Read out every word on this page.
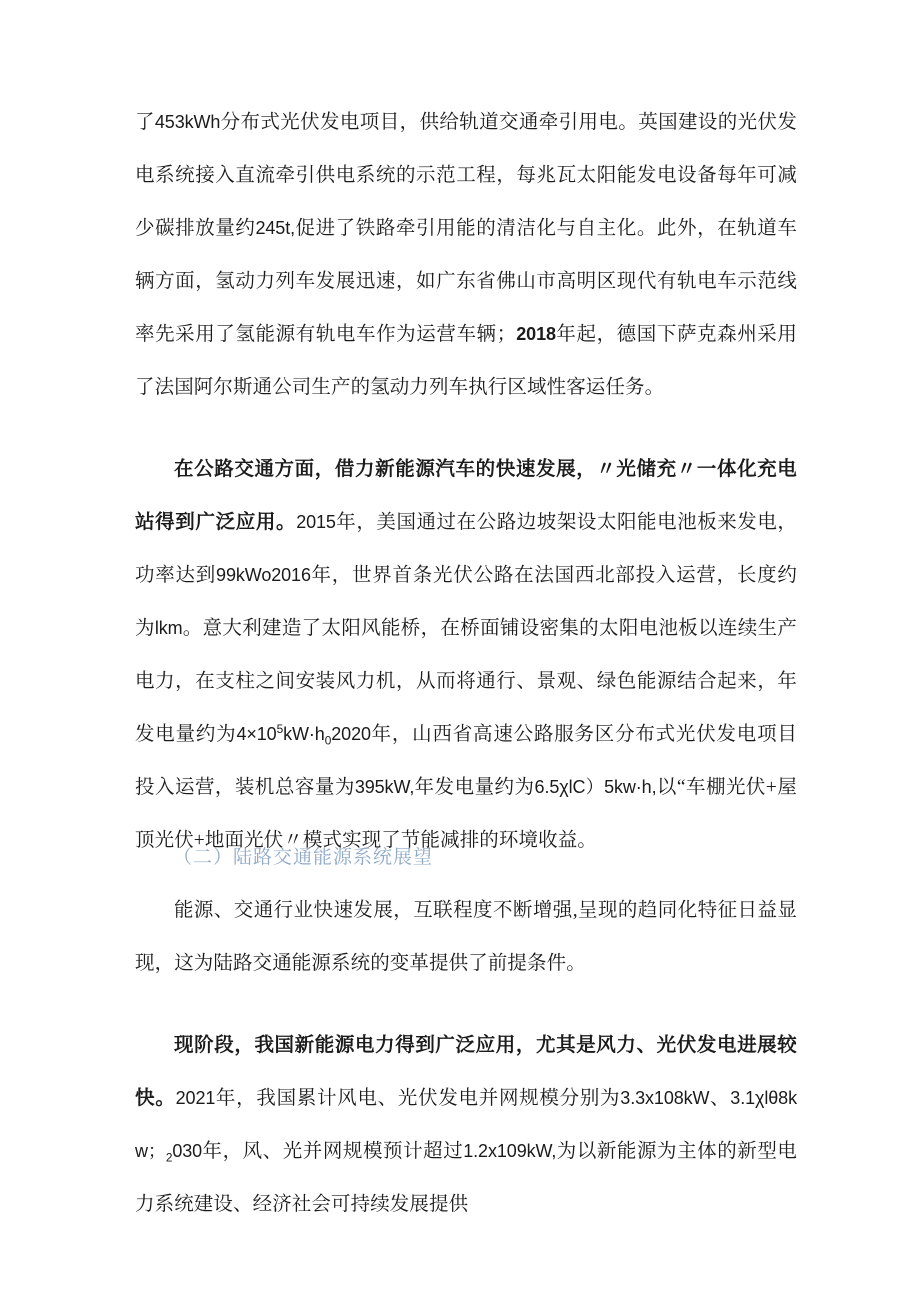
了453kWh分布式光伏发电项目，供给轨道交通牵引用电。英国建设的光伏发电系统接入直流牵引供电系统的示范工程，每兆瓦太阳能发电设备每年可减少碳排放量约245t,促进了铁路牵引用能的清洁化与自主化。此外，在轨道车辆方面，氢动力列车发展迅速，如广东省佛山市高明区现代有轨电车示范线率先采用了氢能源有轨电车作为运营车辆；2018年起，德国下萨克森州采用了法国阿尔斯通公司生产的氢动力列车执行区域性客运任务。

在公路交通方面，借力新能源汽车的快速发展，〃光储充〃一体化充电站得到广泛应用。2015年，美国通过在公路边坡架设太阳能电池板来发电，功率达到99kWo2016年，世界首条光伏公路在法国西北部投入运营，长度约为lkm。意大利建造了太阳风能桥，在桥面铺设密集的太阳电池板以连续生产电力，在支柱之间安装风力机，从而将通行、景观、绿色能源结合起来，年发电量约为$4\times 10^5kW\cdot h_02020$年，山西省高速公路服务区分布式光伏发电项目投入运营，装机总容量为395kW,年发电量约为6.5χlC）5kw·h,以“车棚光伏+屋顶光伏+地面光伏〃模式实现了节能减排的环境收益。

（二）陆路交通能源系统展望

能源、交通行业快速发展，互联程度不断增强,呈现的趋同化特征日益显现，这为陆路交通能源系统的变革提供了前提条件。

现阶段，我国新能源电力得到广泛应用，尤其是风力、光伏发电进展较快。2021年，我国累计风电、光伏发电并网规模分别为3.3x108kW、3.1χlθ8kw；$_2$030年，风、光并网规模预计超过1.2x109kW,为以新能源为主体的新型电力系统建设、经济社会可持续发展提供
